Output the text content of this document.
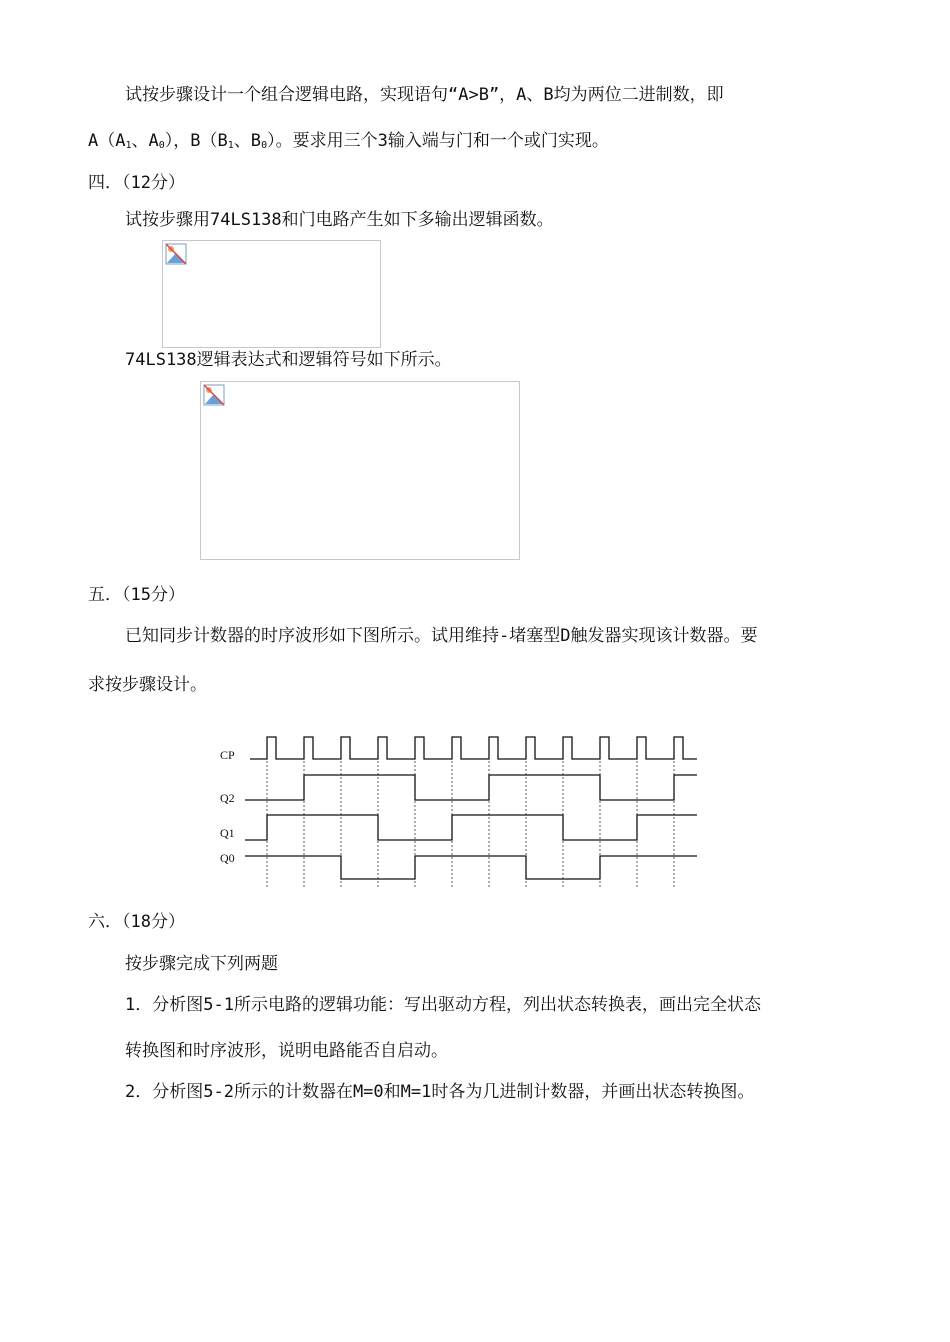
试按步骤设计一个组合逻辑电路，实现语句“A>B”，A、B均为两位二进制数，即
$A(A_1$、$A_0$），$B(B_1$、$B_0$）。要求用三个3输入端与门和一个或门实现。
四．（12分）
试按步骤用74LS138和门电路产生如下多输出逻辑函数。
74LS138逻辑表达式和逻辑符号如下所示。
五．（15分）
已知同步计数器的时序波形如下图所示。试用维持-堵塞型D触发器实现该计数器。要
求按步骤设计。
CP
Q2
Q1
Q0
六．（18分）
按步骤完成下列两题
1．分析图5-1所示电路的逻辑功能：写出驱动方程，列出状态转换表，画出完全状态
转换图和时序波形，说明电路能否自启动。
2．分析图5-2所示的计数器在M=0和M=1时各为几进制计数器，并画出状态转换图。
